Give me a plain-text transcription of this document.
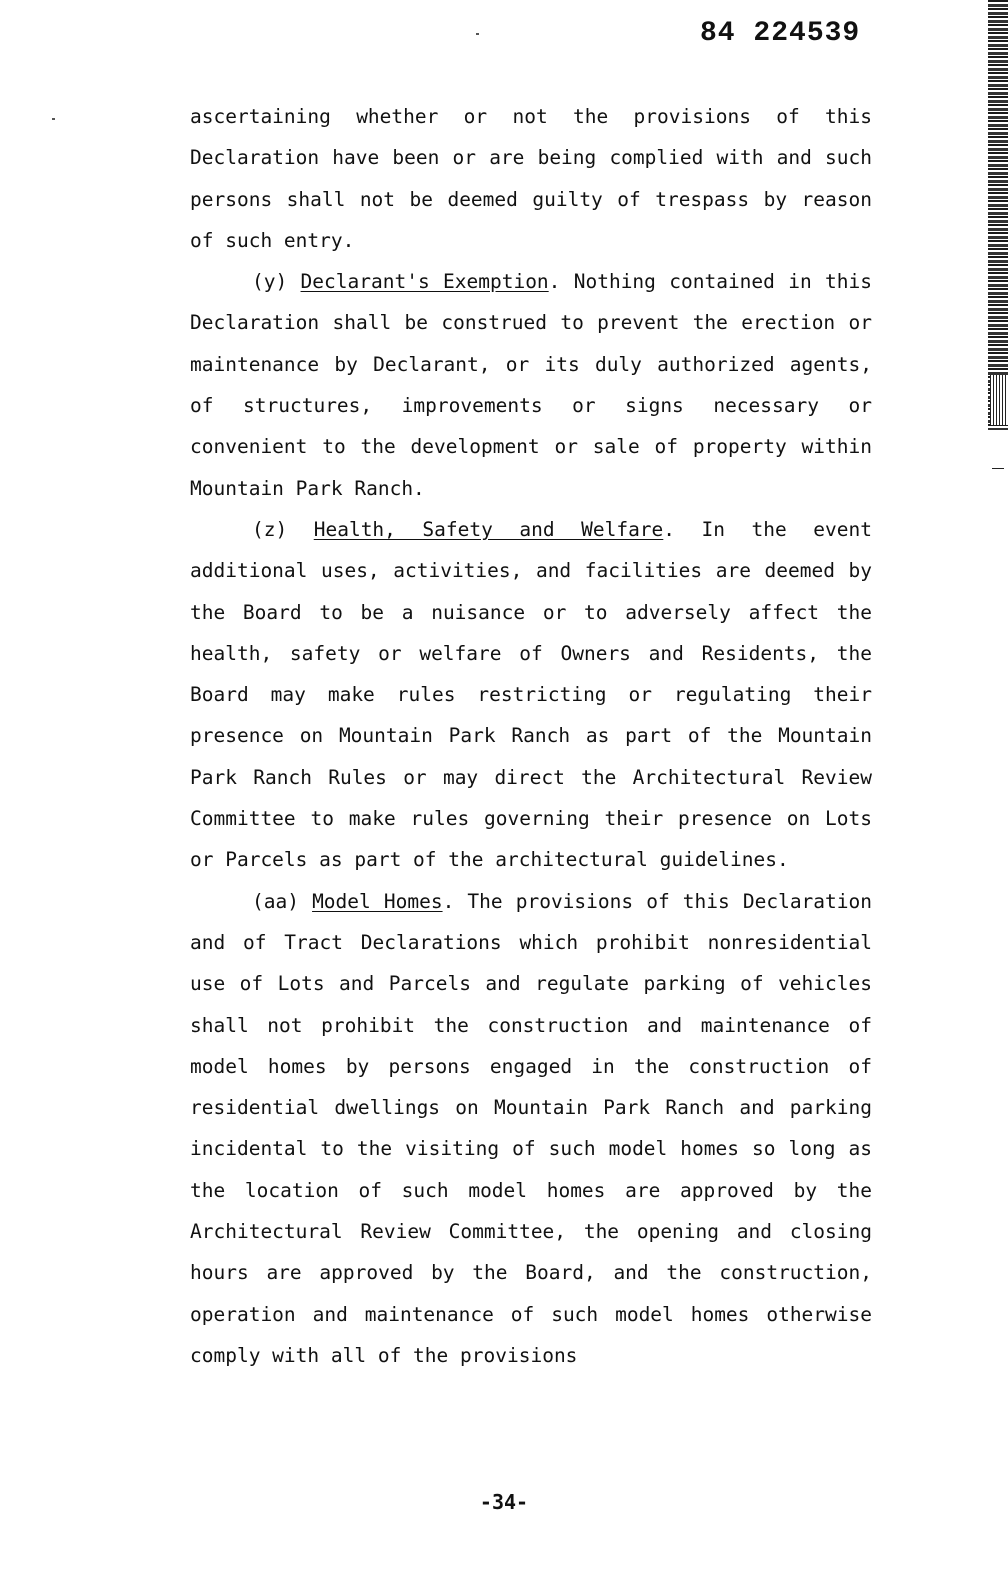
84 224539

ascertaining whether or not the provisions of this Declaration have been or are being complied with and such persons shall not be deemed guilty of trespass by reason of such entry.

(y) Declarant's Exemption. Nothing contained in this Declaration shall be construed to prevent the erection or maintenance by Declarant, or its duly authorized agents, of structures, improvements or signs necessary or convenient to the development or sale of property within Mountain Park Ranch.

(z) Health, Safety and Welfare. In the event additional uses, activities, and facilities are deemed by the Board to be a nuisance or to adversely affect the health, safety or welfare of Owners and Residents, the Board may make rules restricting or regulating their presence on Mountain Park Ranch as part of the Mountain Park Ranch Rules or may direct the Architectural Review Committee to make rules governing their presence on Lots or Parcels as part of the architectural guidelines.

(aa) Model Homes. The provisions of this Declaration and of Tract Declarations which prohibit nonresidential use of Lots and Parcels and regulate parking of vehicles shall not prohibit the construction and maintenance of model homes by persons engaged in the construction of residential dwellings on Mountain Park Ranch and parking incidental to the visiting of such model homes so long as the location of such model homes are approved by the Architectural Review Committee, the opening and closing hours are approved by the Board, and the construction, operation and maintenance of such model homes otherwise comply with all of the provisions

-34-
